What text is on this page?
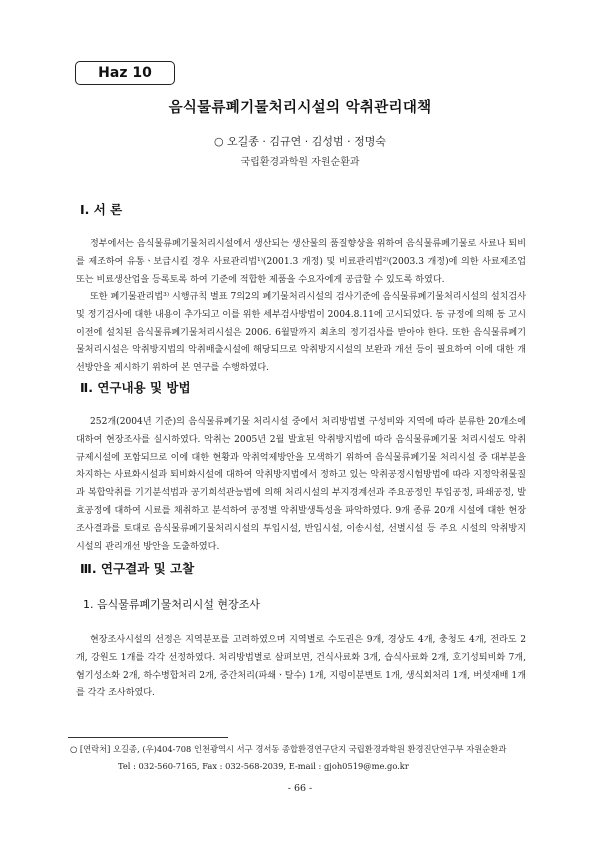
Haz 10
음식물류폐기물처리시설의 악취관리대책
○ 오길종 · 김규연 · 김성범 · 정명숙
국립환경과학원 자원순환과
Ⅰ. 서 론

정부에서는 음식물류폐기물처리시설에서 생산되는 생산물의 품질향상을 위하여 음식물류폐기물로 사료나 퇴비를 제조하여 유통ㆍ보급시킬 경우 사료관리법¹⁾(2001.3 개정) 및 비료관리법²⁾(2003.3 개정)에 의한 사료제조업 또는 비료생산업을 등록토록 하여 기준에 적합한 제품을 수요자에게 공급할 수 있도록 하였다.

또한 폐기물관리법³⁾ 시행규칙 별표 7의2의 폐기물처리시설의 검사기준에 음식물류폐기물처리시설의 설치검사 및 정기검사에 대한 내용이 추가되고 이를 위한 세부검사방법이 2004.8.11에 고시되었다. 동 규정에 의해 동 고시이전에 설치된 음식물류폐기물처리시설은 2006. 6월말까지 최초의 정기검사를 받아야 한다. 또한 음식물류폐기물처리시설은 악취방지법의 악취배출시설에 해당되므로 악취방지시설의 보완과 개선 등이 필요하여 이에 대한 개선방안을 제시하기 위하여 본 연구를 수행하였다.

Ⅱ. 연구내용 및 방법

252개(2004년 기준)의 음식물류폐기물 처리시설 중에서 처리방법별 구성비와 지역에 따라 분류한 20개소에 대하여 현장조사를 실시하였다. 악취는 2005년 2월 발효된 악취방지법에 따라 음식물류폐기물 처리시설도 악취규제시설에 포함되므로 이에 대한 현황과 악취억제방안을 모색하기 위하여 음식물류폐기물 처리시설 중 대부분을 차지하는 사료화시설과 퇴비화시설에 대하여 악취방지법에서 정하고 있는 악취공정시험방법에 따라 지정악취물질과 복합악취를 기기분석법과 공기희석관능법에 의해 처리시설의 부지경계선과 주요공정인 투입공정, 파쇄공정, 발효공정에 대하여 시료를 채취하고 분석하여 공정별 악취발생특성을 파악하였다. 9개 종류 20개 시설에 대한 현장조사결과를 토대로 음식물류폐기물처리시설의 투입시설, 반입시설, 이송시설, 선별시설 등 주요 시설의 악취방지시설의 관리개선 방안을 도출하였다.

Ⅲ. 연구결과 및 고찰
1. 음식물류폐기물처리시설 현장조사

현장조사시설의 선정은 지역분포를 고려하였으며 지역별로 수도권은 9개, 경상도 4개, 충청도 4개, 전라도 2개, 강원도 1개를 각각 선정하였다. 처리방법별로 살펴보면, 건식사료화 3개, 습식사료화 2개, 호기성퇴비화 7개, 혐기성소화 2개, 하수병합처리 2개, 중간처리(파쇄ㆍ탈수) 1개, 지렁이분변토 1개, 생식회처리 1개, 버섯재배 1개를 각각 조사하였다.

○ [연락처] 오길종, (우)404-708 인천광역시 서구 경서동 종합환경연구단지 국립환경과학원 환경진단연구부 자원순환과
Tel : 032-560-7165, Fax : 032-568-2039, E-mail : gjoh0519@me.go.kr
- 66 -
